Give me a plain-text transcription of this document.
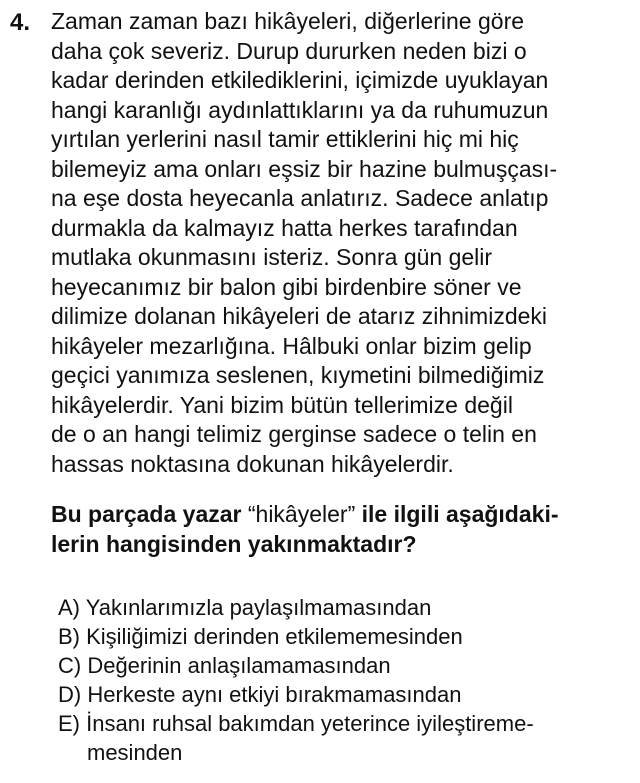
4. Zaman zaman bazı hikâyeleri, diğerlerine göre
daha çok severiz. Durup dururken neden bizi o
kadar derinden etkilediklerini, içimizde uyuklayan
hangi karanlığı aydınlattıklarını ya da ruhumuzun
yırtılan yerlerini nasıl tamir ettiklerini hiç mi hiç
bilemeyiz ama onları eşsiz bir hazine bulmuşçası-
na eşe dosta heyecanla anlatırız. Sadece anlatıp
durmakla da kalmayız hatta herkes tarafından
mutlaka okunmasını isteriz. Sonra gün gelir
heyecanımız bir balon gibi birdenbire söner ve
dilimize dolanan hikâyeleri de atarız zihnimizdeki
hikâyeler mezarlığına. Hâlbuki onlar bizim gelip
geçici yanımıza seslenen, kıymetini bilmediğimiz
hikâyelerdir. Yani bizim bütün tellerimize değil
de o an hangi telimiz gerginse sadece o telin en
hassas noktasına dokunan hikâyelerdir.
Bu parçada yazar “hikâyeler” ile ilgili aşağıdaki-
lerin hangisinden yakınmaktadır?
A) Yakınlarımızla paylaşılmamasından
B) Kişiliğimizi derinden etkilememesinden
C) Değerinin anlaşılamamasından
D) Herkeste aynı etkiyi bırakmamasından
E) İnsanı ruhsal bakımdan yeterince iyileştireme-
mesinden
